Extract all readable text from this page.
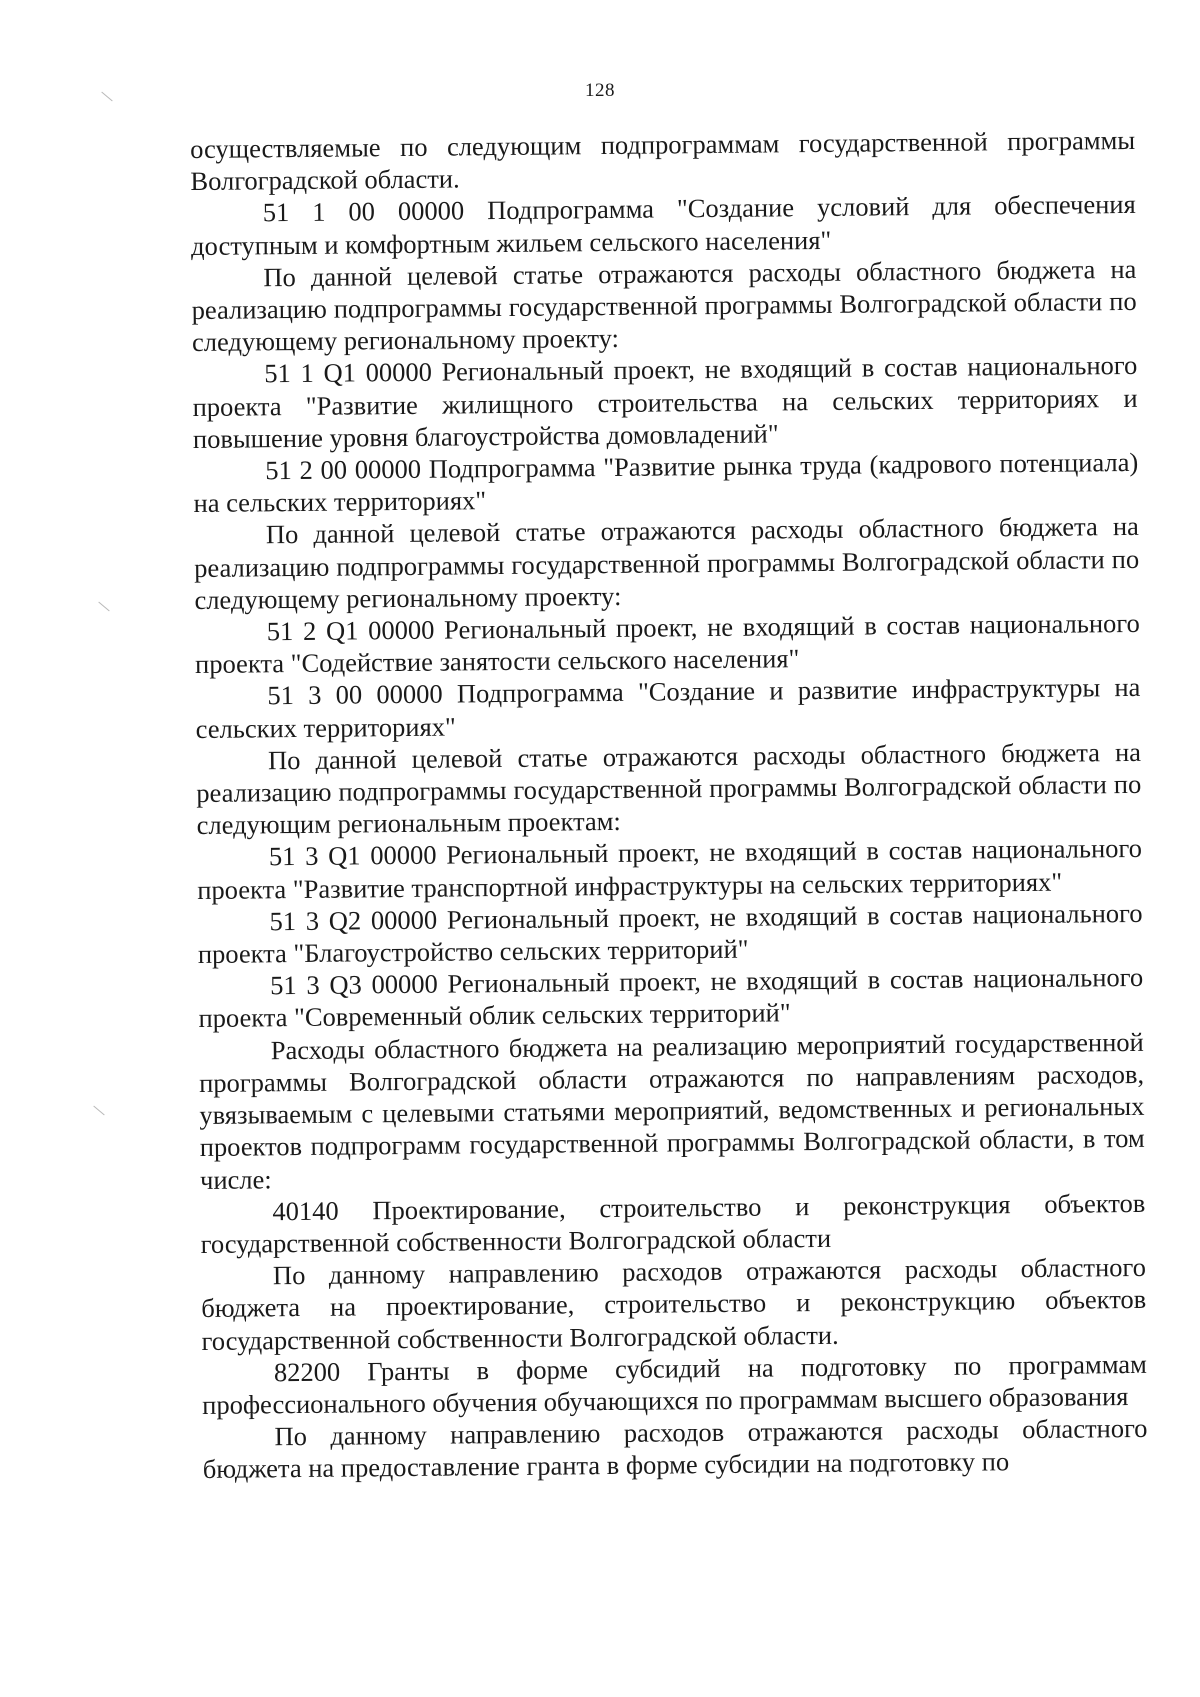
128

осуществляемые по следующим подпрограммам государственной программы Волгоградской области.

51 1 00 00000 Подпрограмма "Создание условий для обеспечения доступным и комфортным жильем сельского населения"

По данной целевой статье отражаются расходы областного бюджета на реализацию подпрограммы государственной программы Волгоградской области по следующему региональному проекту:

51 1 Q1 00000 Региональный проект, не входящий в состав национального проекта "Развитие жилищного строительства на сельских территориях и повышение уровня благоустройства домовладений"

51 2 00 00000 Подпрограмма "Развитие рынка труда (кадрового потенциала) на сельских территориях"

По данной целевой статье отражаются расходы областного бюджета на реализацию подпрограммы государственной программы Волгоградской области по следующему региональному проекту:

51 2 Q1 00000 Региональный проект, не входящий в состав национального проекта "Содействие занятости сельского населения"

51 3 00 00000 Подпрограмма "Создание и развитие инфраструктуры на сельских территориях"

По данной целевой статье отражаются расходы областного бюджета на реализацию подпрограммы государственной программы Волгоградской области по следующим региональным проектам:

51 3 Q1 00000 Региональный проект, не входящий в состав национального проекта "Развитие транспортной инфраструктуры на сельских территориях"

51 3 Q2 00000 Региональный проект, не входящий в состав национального проекта "Благоустройство сельских территорий"

51 3 Q3 00000 Региональный проект, не входящий в состав национального проекта "Современный облик сельских территорий"

Расходы областного бюджета на реализацию мероприятий государственной программы Волгоградской области отражаются по направлениям расходов, увязываемым с целевыми статьями мероприятий, ведомственных и региональных проектов подпрограмм государственной программы Волгоградской области, в том числе:

40140 Проектирование, строительство и реконструкция объектов государственной собственности Волгоградской области

По данному направлению расходов отражаются расходы областного бюджета на проектирование, строительство и реконструкцию объектов государственной собственности Волгоградской области.

82200 Гранты в форме субсидий на подготовку по программам профессионального обучения обучающихся по программам высшего образования

По данному направлению расходов отражаются расходы областного бюджета на предоставление гранта в форме субсидии на подготовку по
